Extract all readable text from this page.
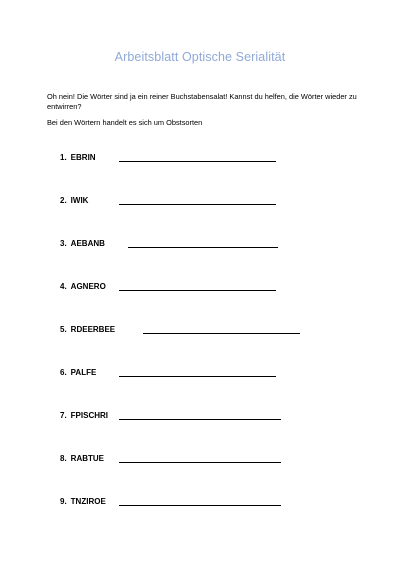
Arbeitsblatt Optische Serialität
Oh nein! Die Wörter sind ja ein reiner Buchstabensalat! Kannst du helfen, die Wörter wieder zu entwirren?
Bei den Wörtern handelt es sich um Obstsorten
1. EBRIN
2. IWIK
3. AEBANB
4. AGNERO
5. RDEERBEE
6. PALFE
7. FPISCHRI
8. RABTUE
9. TNZIROE
